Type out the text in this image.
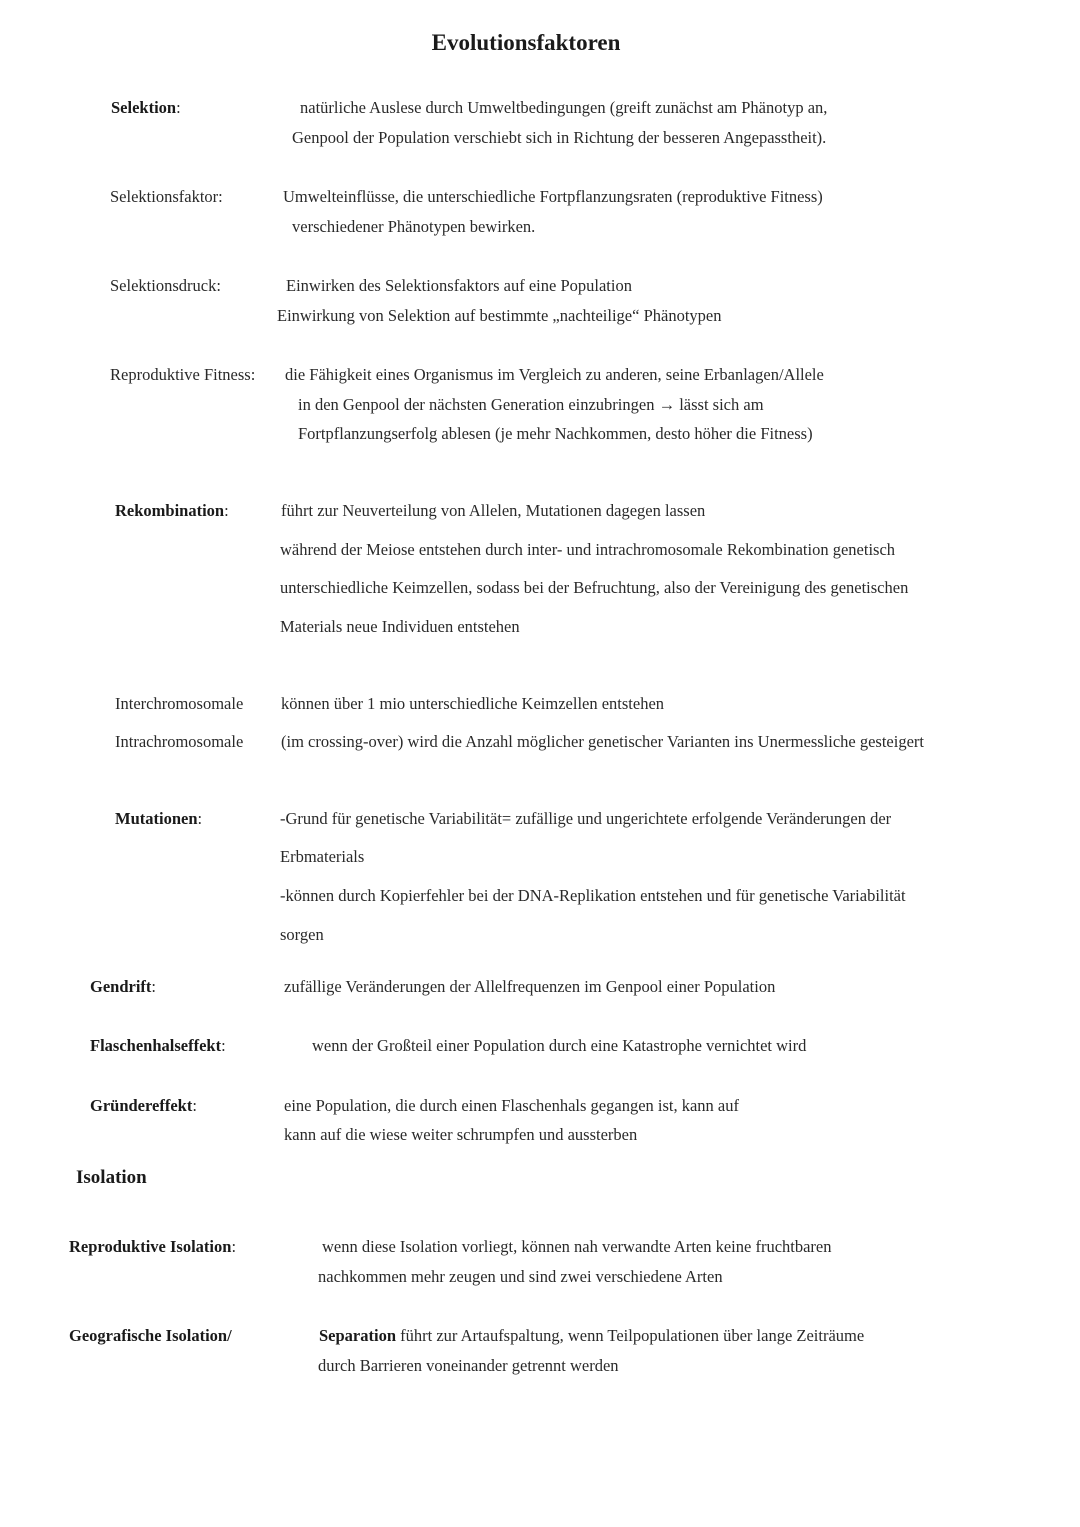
Evolutionsfaktoren
Selektion:	natürliche Auslese durch Umweltbedingungen (greift zunächst am Phänotyp an,
Genpool der Population verschiebt sich in Richtung der besseren Angepasstheit).
Selektionsfaktor:	Umwelteinflüsse, die unterschiedliche Fortpflanzungsraten (reproduktive Fitness)
verschiedener Phänotypen bewirken.
Selektionsdruck:	Einwirken des Selektionsfaktors auf eine Population
Einwirkung von Selektion auf bestimmte „nachteilige“ Phänotypen
Reproduktive Fitness: die Fähigkeit eines Organismus im Vergleich zu anderen, seine Erbanlagen/Allele
in den Genpool der nächsten Generation einzubringen → lässt sich am
Fortpflanzungserfolg ablesen (je mehr Nachkommen, desto höher die Fitness)
Rekombination:	führt zur Neuverteilung von Allelen, Mutationen dagegen lassen
während der Meiose entstehen durch inter- und intrachromosomale Rekombination genetisch
unterschiedliche Keimzellen, sodass bei der Befruchtung, also der Vereinigung des genetischen
Materials neue Individuen entstehen
Interchromosomale können über 1 mio unterschiedliche Keimzellen entstehen
Intrachromosomale (im crossing-over) wird die Anzahl möglicher genetischer Varianten ins Unermessliche gesteigert
Mutationen:	-Grund für genetische Variabilität= zufällige und ungerichtete erfolgende Veränderungen der
Erbmaterials
-können durch Kopierfehler bei der DNA-Replikation entstehen und für genetische Variabilität
sorgen
Gendrift:	zufällige Veränderungen der Allelfrequenzen im Genpool einer Population
Flaschenhalseffekt:	wenn der Großteil einer Population durch eine Katastrophe vernichtet wird
Gründereffekt:	eine Population, die durch einen Flaschenhals gegangen ist, kann auf
kann auf die wiese weiter schrumpfen und aussterben
Isolation
Reproduktive Isolation:	wenn diese Isolation vorliegt, können nah verwandte Arten keine fruchtbaren
nachkommen mehr zeugen und sind zwei verschiedene Arten
Geografische Isolation/	Separation führt zur Artaufspaltung, wenn Teilpopulationen über lange Zeiträume
durch Barrieren voneinander getrennt werden
